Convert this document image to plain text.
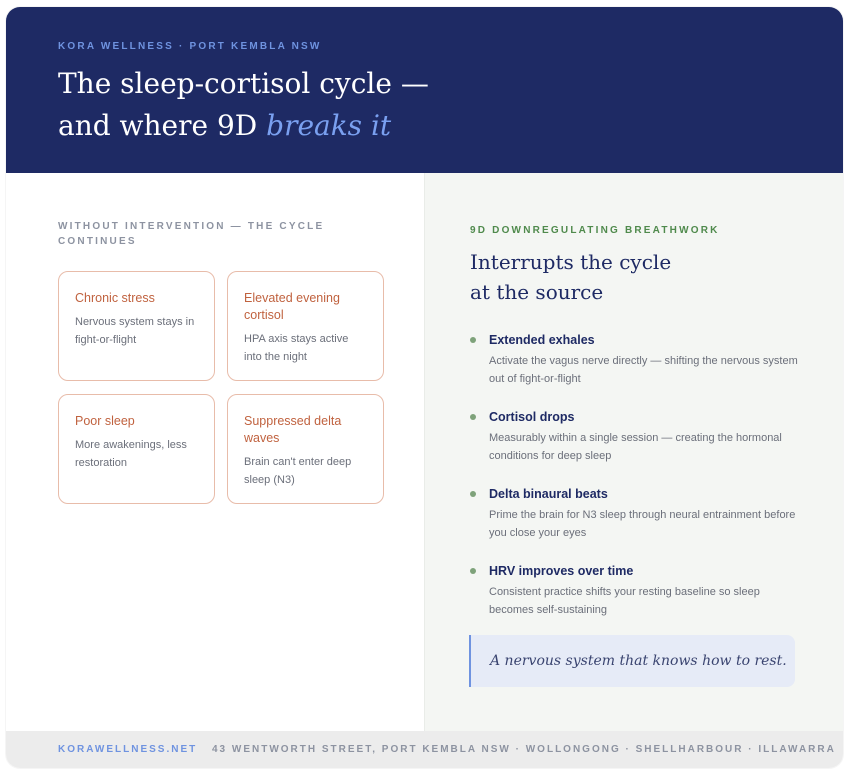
KORA WELLNESS · PORT KEMBLA NSW
The sleep-cortisol cycle —
and where 9D breaks it
WITHOUT INTERVENTION — THE CYCLE CONTINUES
Chronic stress
Nervous system stays in fight-or-flight
Elevated evening cortisol
HPA axis stays active into the night
Poor sleep
More awakenings, less restoration
Suppressed delta waves
Brain can't enter deep sleep (N3)
9D DOWNREGULATING BREATHWORK
Interrupts the cycle
at the source
Extended exhales
Activate the vagus nerve directly — shifting the nervous system out of fight-or-flight
Cortisol drops
Measurably within a single session — creating the hormonal conditions for deep sleep
Delta binaural beats
Prime the brain for N3 sleep through neural entrainment before you close your eyes
HRV improves over time
Consistent practice shifts your resting baseline so sleep becomes self-sustaining
A nervous system that knows how to rest.
KORAWELLNESS.NET 43 WENTWORTH STREET, PORT KEMBLA NSW · WOLLONGONG · SHELLHARBOUR · ILLAWARRA
